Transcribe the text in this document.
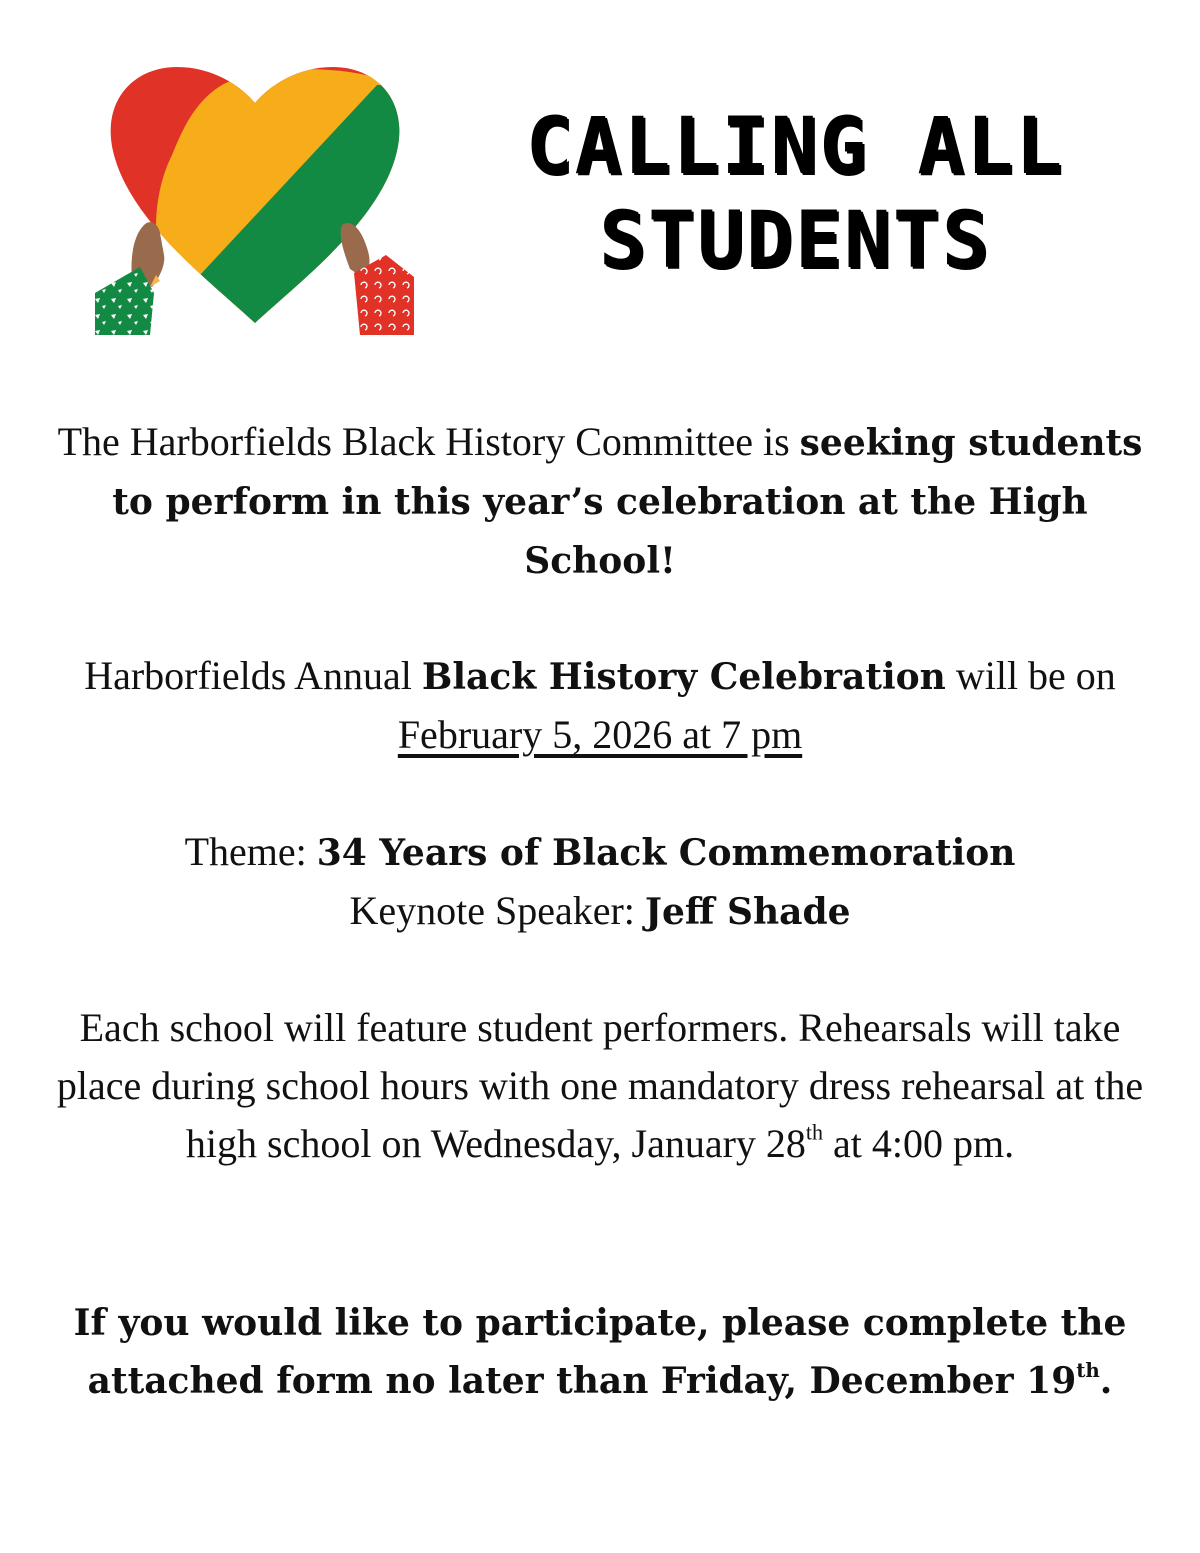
CALLING ALL
STUDENTS
The Harborfields Black History Committee is seeking students to perform in this year’s celebration at the High School!
Harborfields Annual Black History Celebration will be on February 5, 2026 at 7 pm
Theme: 34 Years of Black Commemoration
Keynote Speaker: Jeff Shade
Each school will feature student performers. Rehearsals will take place during school hours with one mandatory dress rehearsal at the high school on Wednesday, January 28th at 4:00 pm.
If you would like to participate, please complete the attached form no later than Friday, December 19th.
